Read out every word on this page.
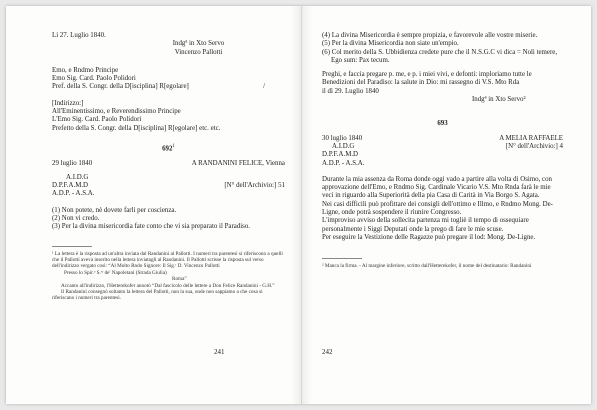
Li 27. Luglio 1840.
Indgª in Xto Servo
Vincenzo Pallotti
Emo, e Rndmo Principe
Emo Sig. Card. Paolo Polidori
Pref. della S. Congr. della D[isciplina] R[egolare]	/
[Indirizzo:]
All'Eminentissimo, e Reverendissimo Principe
L'Emo Sig. Card. Paolo Polidori
Prefetto della S. Congr. della D[isciplina] R[egolare] etc. etc.
$692^1$
29 luglio 1840	A RANDANINI FELICE, Vienna
A.I.D.G
D.P.F.A.M.D	[N° dell'Archivio:] 51
A.D.P. - A.S.A.
(1) Non potete, nè dovete farli per coscienza.
(2) Non vi credo.
(3) Per la divina misericordia fate conto che vi sia preparato il Paradiso.
¹ La lettera è la risposta ad un'altra inviata dal Randanini al Pallotti. I numeri tra parentesi si riferiscono a quelli che il Pallotti aveva inserito nella lettera inviatagli al Randanini. Il Pallotti scrisse la risposta sul verso dell'indirizzo vergato così: “Al Molto Rndo Signore: Il Sig.ʳ D. Vincenzo Pallotti
Presso lo Spir.ᵒ S.ᵗᵒ de' Napoletani (Strada Giulia)
Roma”
Accanto all'indirizzo, l'Hetterekofer annotò “Dal fascicolo delle lettere a Don Felice Randanini - G.H.”
Il Randanini consegnò soltanto la lettera del Pallotti, non la sua, onde non sappiamo a che cosa si riferiscano i numeri tra parentesi.
241
(4) La divina Misericordia è sempre propizia, e favorevole alle vostre miserie.
(5) Per la divina Misericordia non siate un'empio.
(6) Col merito della S. Ubbidienza credete pure che il N.S.G.C vi dica = Noli temere, Ego sum: Pax tecum.
Preghi, e faccia pregare p. me, e p. i miei vivi, e defonti: imploriamo tutte le Benedizioni del Paradiso: la salute in Dio: mi rassegno di V.S. Mto Rda
il dì 29. Luglio 1840
Indgª in Xto Servo²
693
30 luglio 1840	A MELIA RAFFAELE
A.I.D.G	[N° dell'Archivio:] 4
D.P.F.A.M.D
A.D.P. - A.S.A.
Durante la mia assenza da Roma donde oggi vado a partire alla volta di Osimo, con approvazione dell'Emo, e Rndmo Sig. Cardinale Vicario V.S. Mto Rnda farà le mie veci in riguardo alla Superiorità della pia Casa di Carità in Via Borgo S. Agata.
Nei casi difficili può profittare dei consigli dell'ottimo e Illmo, e Rndmo Mong. De-Ligne, onde potrà sospendere il riunire Congresso.
L'improviso avviso della sollecita partenza mi togliè il tempo di ossequiare personalmente i Siggi Deputati onde la prego di fare le mie scuse.
Per eseguire la Vestizione delle Ragazze può pregare il lod: Mong. De-Ligne.
² Manca la firma. - Al margine inferiore, scritto dall'Hetterekofer, il nome del destinatario: Randanini
242
